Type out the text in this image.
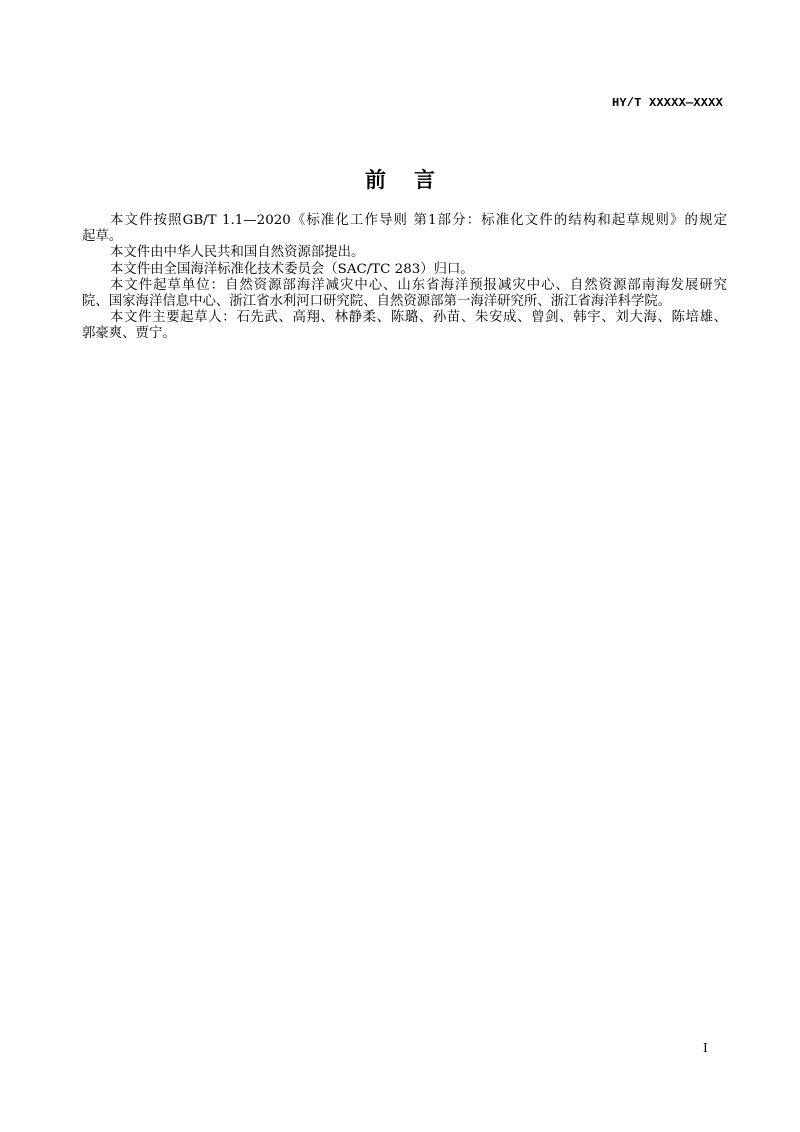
HY/T XXXXX—XXXX
前言
本文件按照GB/T 1.1—2020《标准化工作导则 第1部分：标准化文件的结构和起草规则》的规定
起草。
本文件由中华人民共和国自然资源部提出。
本文件由全国海洋标准化技术委员会（SAC/TC 283）归口。
本文件起草单位：自然资源部海洋减灾中心、山东省海洋预报减灾中心、自然资源部南海发展研究
院、国家海洋信息中心、浙江省水利河口研究院、自然资源部第一海洋研究所、浙江省海洋科学院。
本文件主要起草人：石先武、高翔、林静柔、陈璐、孙苗、朱安成、曾剑、韩宇、刘大海、陈培雄、
郭豪爽、贾宁。
I
